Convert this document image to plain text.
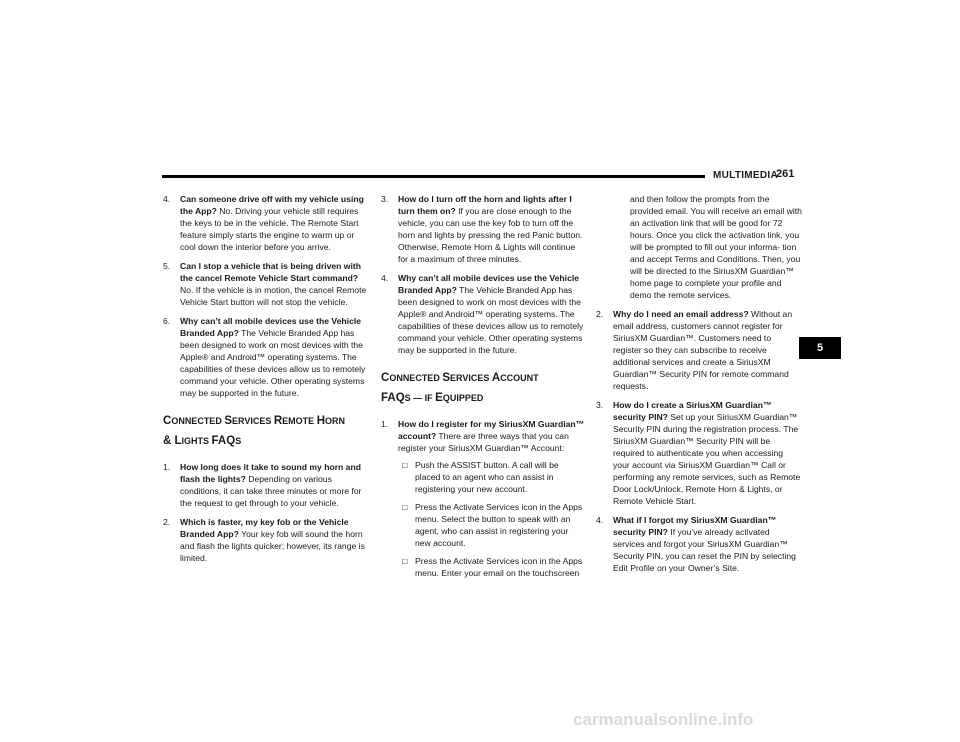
MULTIMEDIA
261
5
4. Can someone drive off with my vehicle using the App? No. Driving your vehicle still requires the keys to be in the vehicle. The Remote Start feature simply starts the engine to warm up or cool down the interior before you arrive.
5. Can I stop a vehicle that is being driven with the cancel Remote Vehicle Start command? No. If the vehicle is in motion, the cancel Remote Vehicle Start button will not stop the vehicle.
6. Why can’t all mobile devices use the Vehicle Branded App? The Vehicle Branded App has been designed to work on most devices with the Apple® and Android™ operating systems. The capabilities of these devices allow us to remotely command your vehicle. Other operating systems may be supported in the future.
CONNECTED SERVICES REMOTE HORN
& LIGHTS FAQS
1. How long does it take to sound my horn and flash the lights? Depending on various conditions, it can take three minutes or more for the request to get through to your vehicle.
2. Which is faster, my key fob or the Vehicle Branded App? Your key fob will sound the horn and flash the lights quicker; however, its range is limited.
3. How do I turn off the horn and lights after I turn them on? If you are close enough to the vehicle, you can use the key fob to turn off the horn and lights by pressing the red Panic button. Otherwise, Remote Horn & Lights will continue for a maximum of three minutes.
4. Why can’t all mobile devices use the Vehicle Branded App? The Vehicle Branded App has been designed to work on most devices with the Apple® and Android™ operating systems. The capabilities of these devices allow us to remotely command your vehicle. Other operating systems may be supported in the future.
CONNECTED SERVICES ACCOUNT
FAQS — IF EQUIPPED
1. How do I register for my SiriusXM Guardian™ account? There are three ways that you can register your SiriusXM Guardian™ Account:
□ Push the ASSIST button. A call will be placed to an agent who can assist in registering your new account.
□ Press the Activate Services icon in the Apps menu. Select the button to speak with an agent, who can assist in registering your new account.
□ Press the Activate Services icon in the Apps menu. Enter your email on the touchscreen
and then follow the prompts from the provided email. You will receive an email with an activation link that will be good for 72 hours. Once you click the activation link, you will be prompted to fill out your informa- tion and accept Terms and Conditions. Then, you will be directed to the SiriusXM Guardian™ home page to complete your profile and demo the remote services.
2. Why do I need an email address? Without an email address, customers cannot register for SiriusXM Guardian™. Customers need to register so they can subscribe to receive additional services and create a SiriusXM Guardian™ Security PIN for remote command requests.
3. How do I create a SiriusXM Guardian™ security PIN? Set up your SiriusXM Guardian™ Security PIN during the registration process. The SiriusXM Guardian™ Security PIN will be required to authenticate you when accessing your account via SiriusXM Guardian™ Call or performing any remote services, such as Remote Door Lock/Unlock, Remote Horn & Lights, or Remote Vehicle Start.
4. What if I forgot my SiriusXM Guardian™ security PIN? If you’ve already activated services and forgot your SiriusXM Guardian™ Security PIN, you can reset the PIN by selecting Edit Profile on your Owner’s Site.
carmanualsonline.info
